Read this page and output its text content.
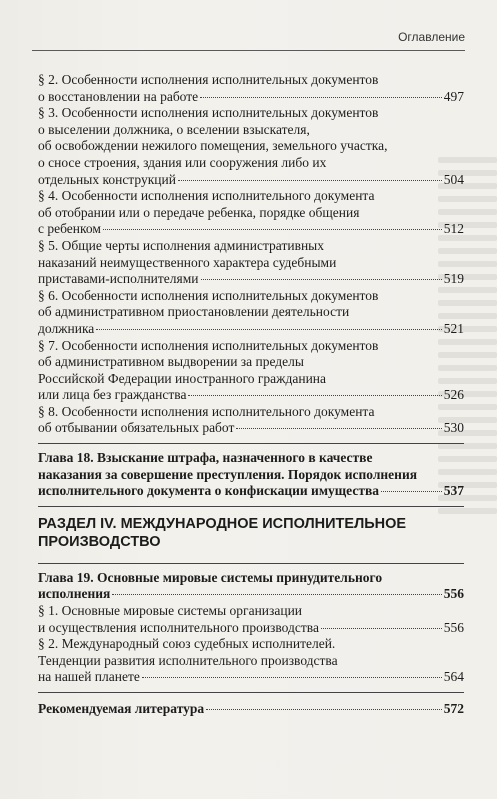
Оглавление
§ 2. Особенности исполнения исполнительных документов
о восстановлении на работе	497
§ 3. Особенности исполнения исполнительных документов
о выселении должника, о вселении взыскателя,
об освобождении нежилого помещения, земельного участка,
о сносе строения, здания или сооружения либо их
отдельных конструкций	504
§ 4. Особенности исполнения исполнительного документа
об отобрании или о передаче ребенка, порядке общения
с ребенком	512
§ 5. Общие черты исполнения административных
наказаний неимущественного характера судебными
приставами-исполнителями	519
§ 6. Особенности исполнения исполнительных документов
об административном приостановлении деятельности
должника	521
§ 7. Особенности исполнения исполнительных документов
об административном выдворении за пределы
Российской Федерации иностранного гражданина
или лица без гражданства	526
§ 8. Особенности исполнения исполнительного документа
об отбывании обязательных работ	530
Глава 18. Взыскание штрафа, назначенного в качестве
наказания за совершение преступления. Порядок исполнения
исполнительного документа о конфискации имущества	537
РАЗДЕЛ IV. МЕЖДУНАРОДНОЕ ИСПОЛНИТЕЛЬНОЕ
ПРОИЗВОДСТВО
Глава 19. Основные мировые системы принудительного
исполнения	556
§ 1. Основные мировые системы организации
и осуществления исполнительного производства	556
§ 2. Международный союз судебных исполнителей.
Тенденции развития исполнительного производства
на нашей планете	564
Рекомендуемая литература	572
